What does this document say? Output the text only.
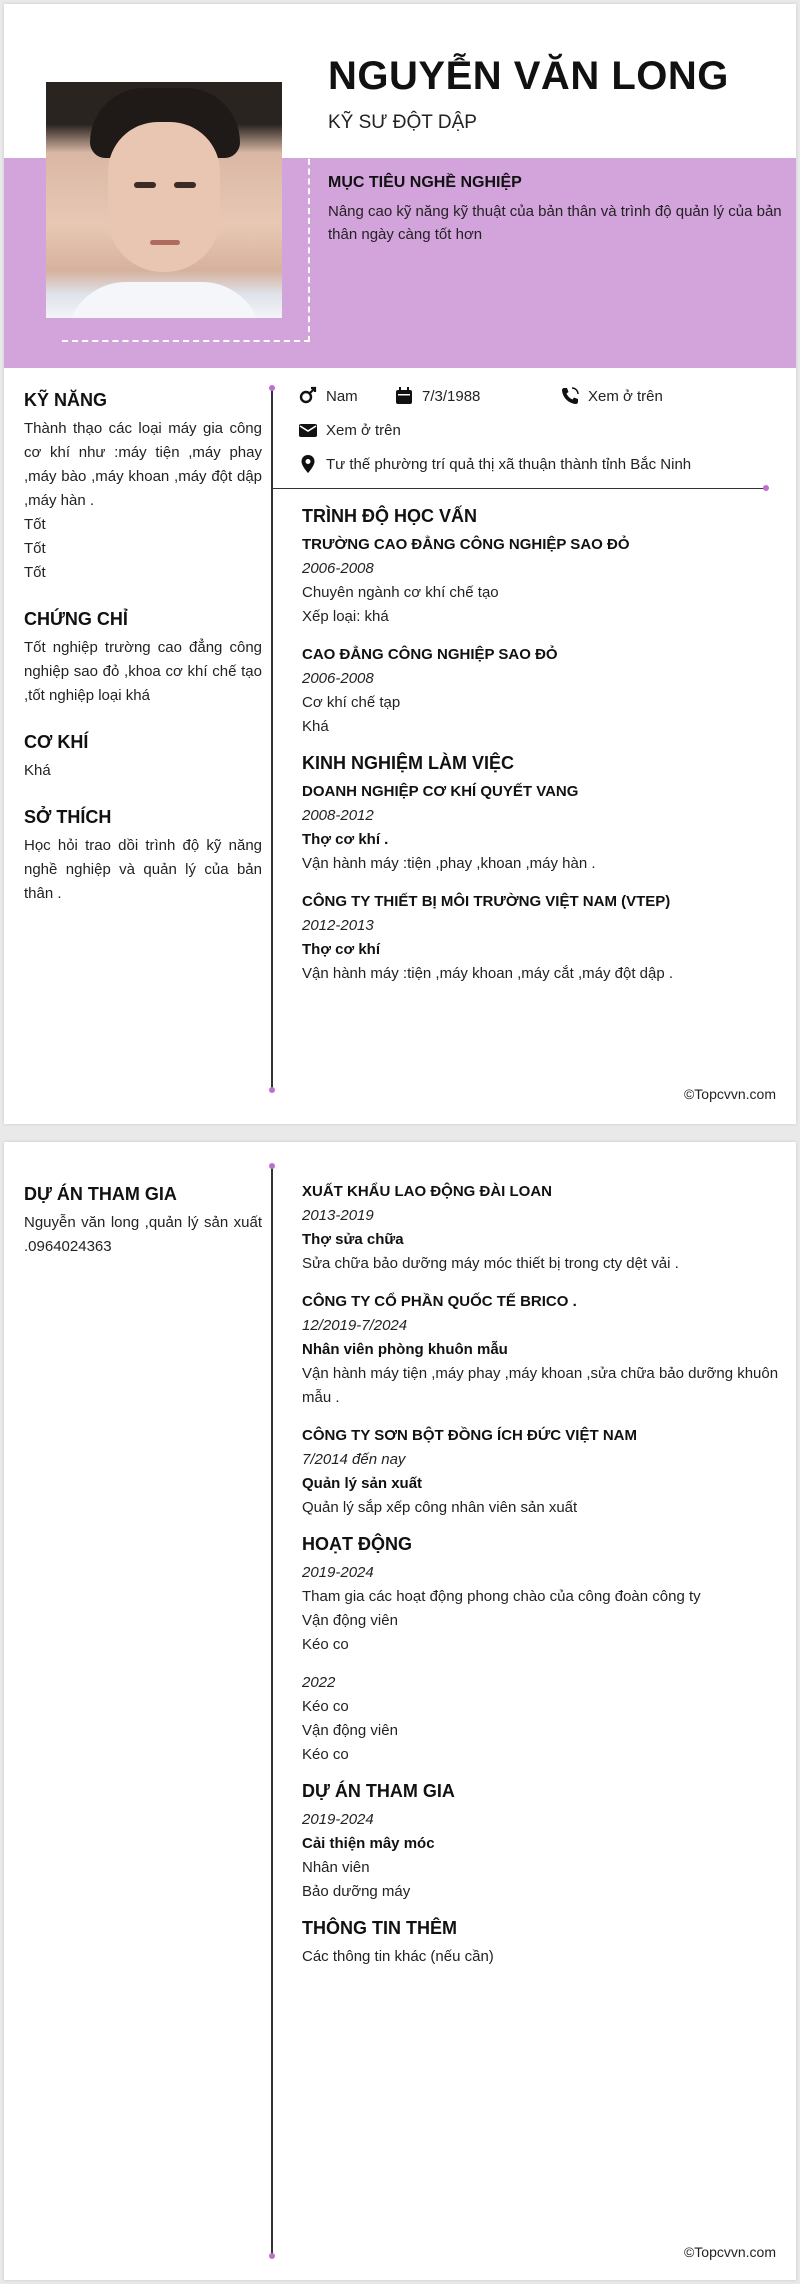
NGUYỄN VĂN LONG
KỸ SƯ ĐỘT DẬP
MỤC TIÊU NGHỀ NGHIỆP
Nâng cao kỹ năng kỹ thuật của bản thân và trình độ quản lý của bản thân ngày càng tốt hơn
Nam	7/3/1988	Xem ở trên
Xem ở trên
Tư thế phường trí quả thị xã thuận thành tỉnh Bắc Ninh
KỸ NĂNG
Thành thạo các loại máy gia công cơ khí như :máy tiện ,máy phay ,máy bào ,máy khoan ,máy đột dập ,máy hàn .
Tốt
Tốt
Tốt
CHỨNG CHỈ
Tốt nghiệp trường cao đẳng công nghiệp sao đỏ ,khoa cơ khí chế tạo ,tốt nghiệp loại khá
CƠ KHÍ
Khá
SỞ THÍCH
Học hỏi trao dồi trình độ kỹ năng nghề nghiệp và quản lý của bản thân .
TRÌNH ĐỘ HỌC VẤN
TRƯỜNG CAO ĐẲNG CÔNG NGHIỆP SAO ĐỎ
2006-2008
Chuyên ngành cơ khí chế tạo
Xếp loại: khá
CAO ĐẲNG CÔNG NGHIỆP SAO ĐỎ
2006-2008
Cơ khí chế tạp
Khá
KINH NGHIỆM LÀM VIỆC
DOANH NGHIỆP CƠ KHÍ QUYẾT VANG
2008-2012
Thợ cơ khí .
Vận hành máy :tiện ,phay ,khoan ,máy hàn .
CÔNG TY THIẾT BỊ MÔI TRƯỜNG VIỆT NAM (VTEP)
2012-2013
Thợ cơ khí
Vận hành máy :tiện ,máy khoan ,máy cắt ,máy đột dập .
©Topcvvn.com
DỰ ÁN THAM GIA
Nguyễn văn long ,quản lý sản xuất .0964024363
XUẤT KHẨU LAO ĐỘNG ĐÀI LOAN
2013-2019
Thợ sửa chữa
Sửa chữa bảo dưỡng máy móc thiết bị trong cty dệt vải .
CÔNG TY CỔ PHẦN QUỐC TẾ BRICO .
12/2019-7/2024
Nhân viên phòng khuôn mẫu
Vận hành máy tiện ,máy phay ,máy khoan ,sửa chữa bảo dưỡng khuôn mẫu .
CÔNG TY SƠN BỘT ĐỒNG ÍCH ĐỨC VIỆT NAM
7/2014 đến nay
Quản lý sản xuất
Quản lý sắp xếp công nhân viên sản xuất
HOẠT ĐỘNG
2019-2024
Tham gia các hoạt động phong chào của công đoàn công ty
Vận động viên
Kéo co
2022
Kéo co
Vận động viên
Kéo co
DỰ ÁN THAM GIA
2019-2024
Cải thiện mây móc
Nhân viên
Bảo dưỡng máy
THÔNG TIN THÊM
Các thông tin khác (nếu cần)
©Topcvvn.com
